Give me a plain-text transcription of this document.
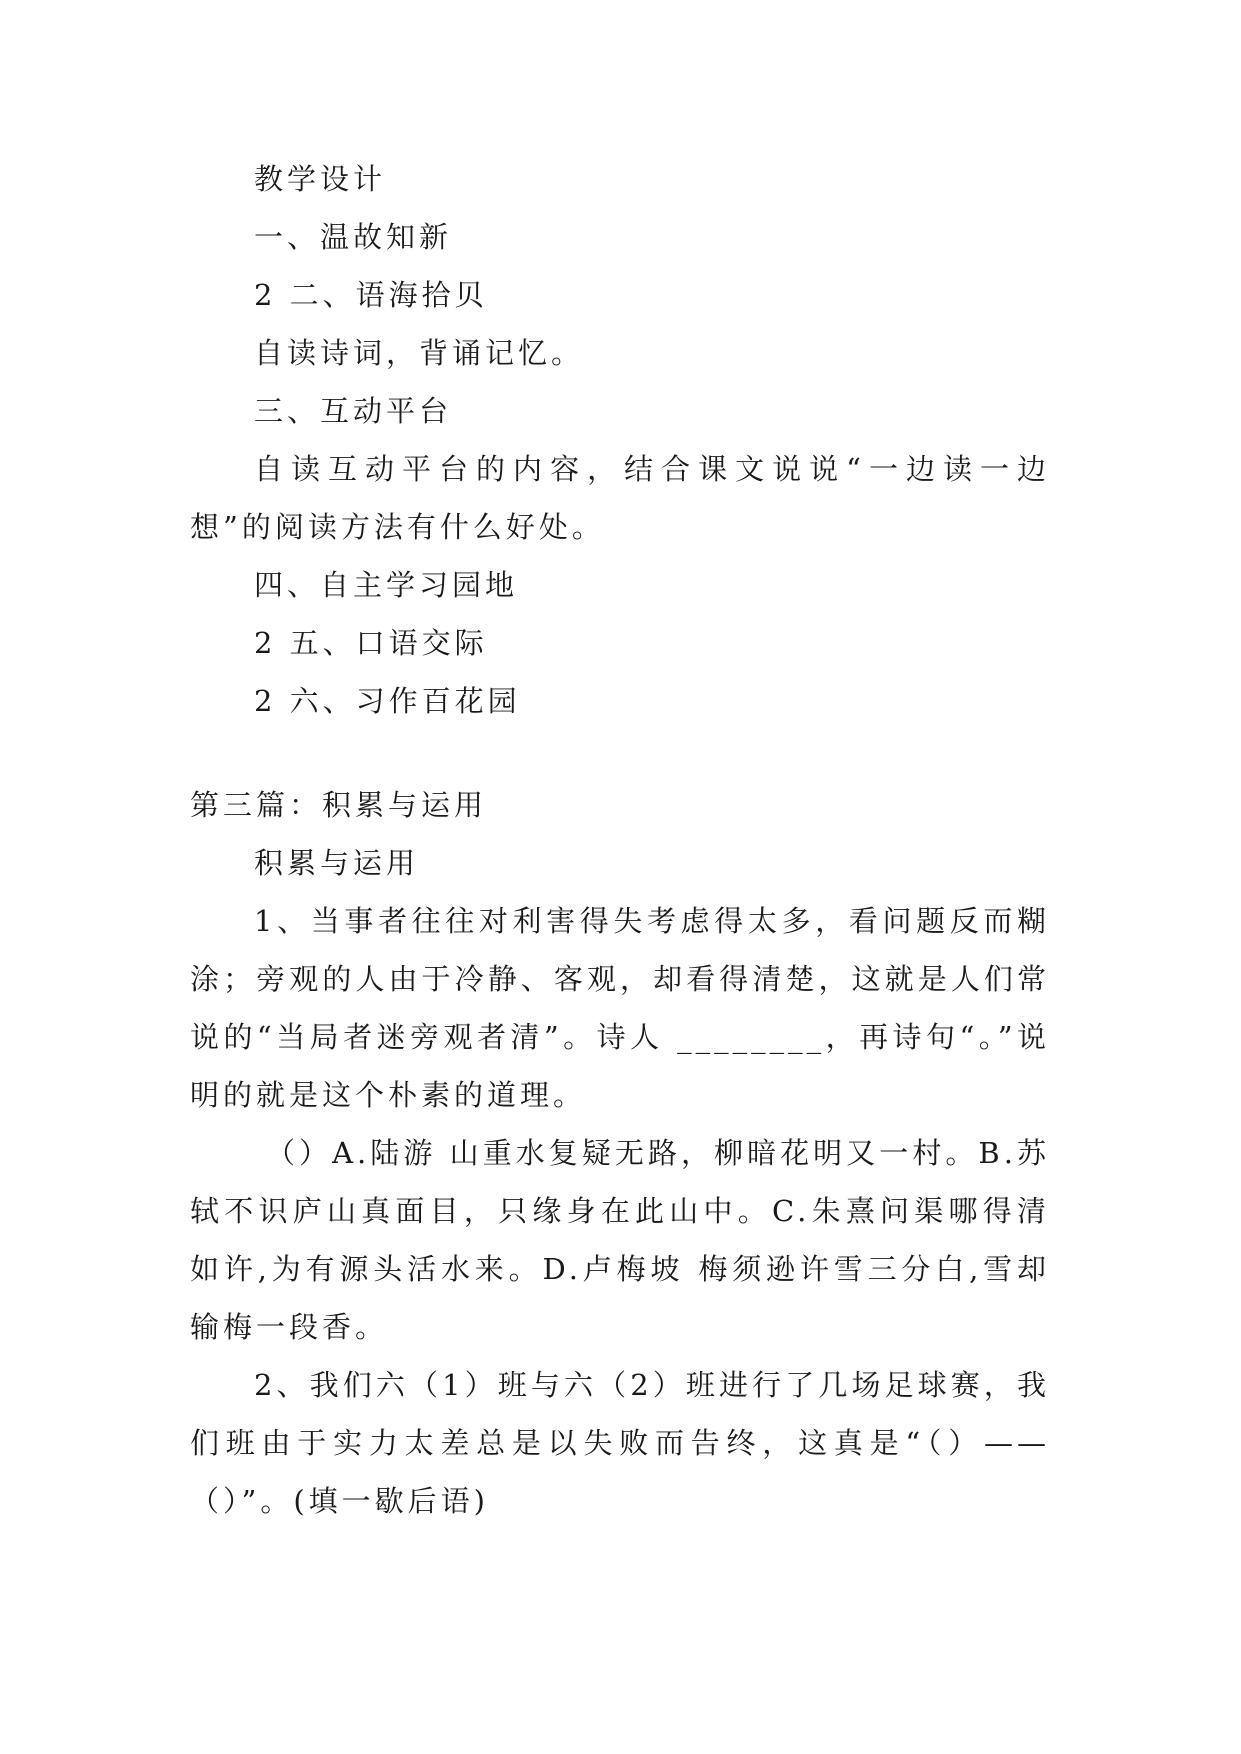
教学设计

一、温故知新

2 二、语海拾贝

自读诗词，背诵记忆。

三、互动平台

自读互动平台的内容，结合课文说说“一边读一边想”的阅读方法有什么好处。

四、自主学习园地

2 五、口语交际

2 六、习作百花园

第三篇：积累与运用

积累与运用

1、当事者往往对利害得失考虑得太多，看问题反而糊涂；旁观的人由于冷静、客观，却看得清楚，这就是人们常说的“当局者迷旁观者清”。诗人 ________，再诗句“。”说明的就是这个朴素的道理。

（）A.陆游 山重水复疑无路，柳暗花明又一村。B.苏轼不识庐山真面目，只缘身在此山中。C.朱熹问渠哪得清如许,为有源头活水来。D.卢梅坡 梅须逊许雪三分白,雪却输梅一段香。

2、我们六（1）班与六（2）班进行了几场足球赛，我们班由于实力太差总是以失败而告终，这真是“（）——（）”。(填一歇后语)
